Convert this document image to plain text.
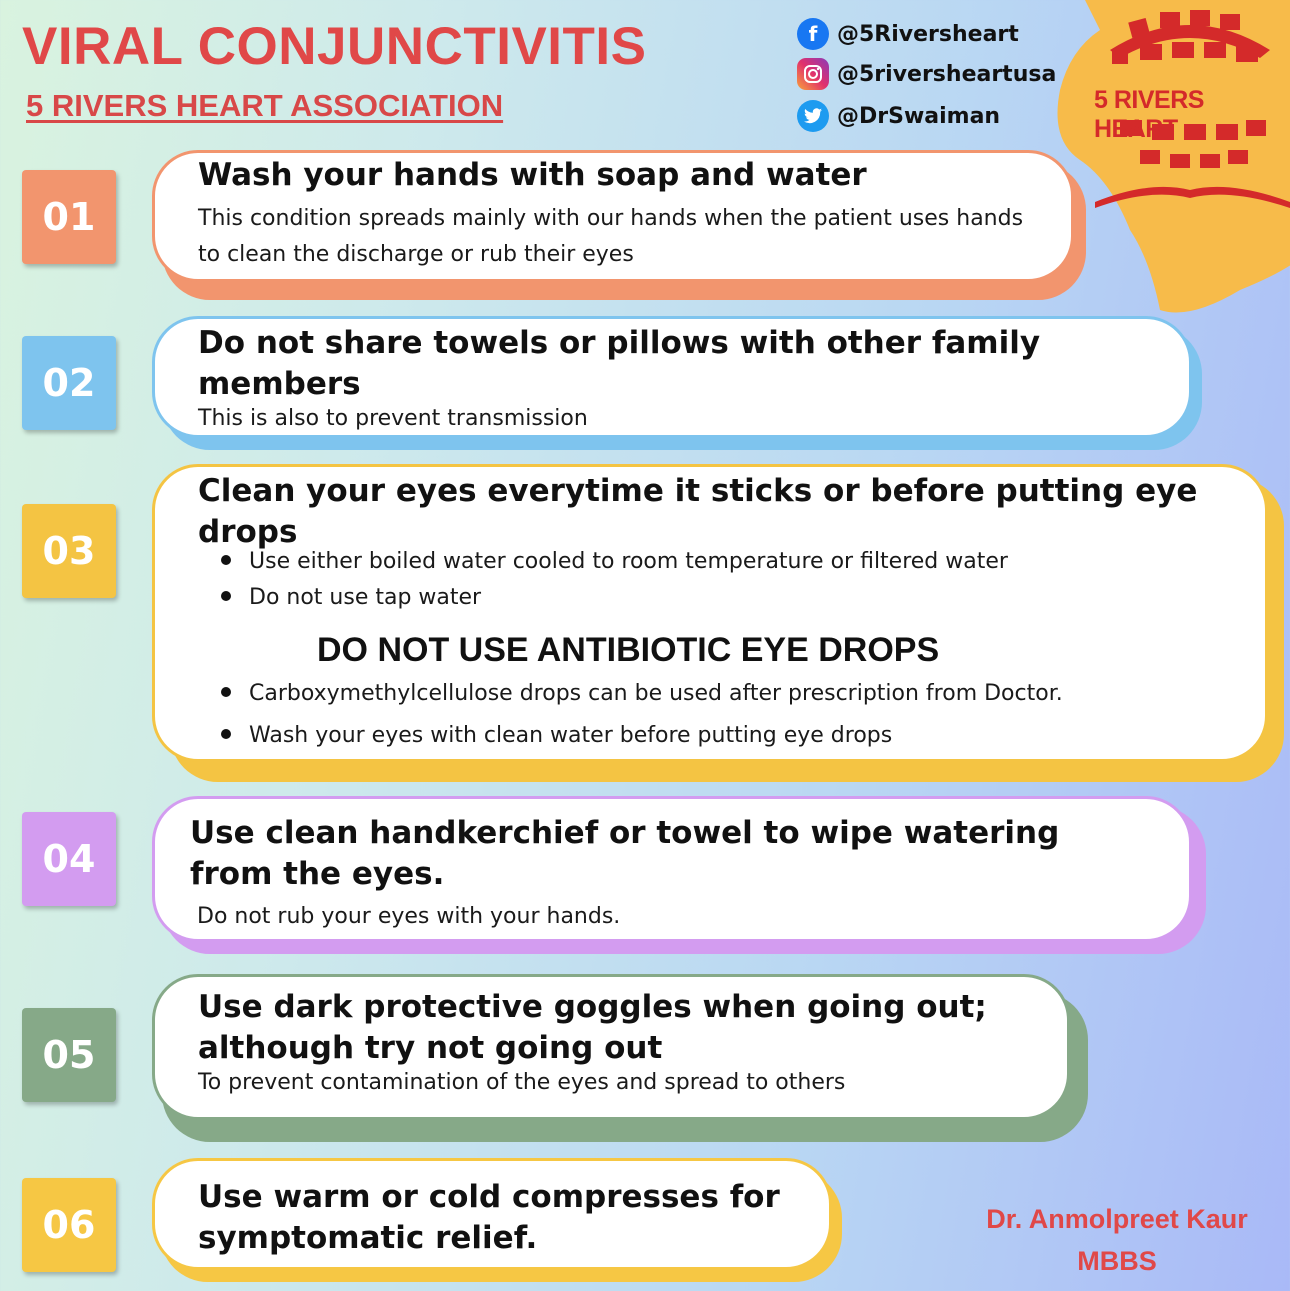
VIRAL CONJUNCTIVITIS
5 RIVERS HEART ASSOCIATION
f @5Riversheart
@5riversheartusa
@DrSwaiman
5 RIVERS HEART
01
Wash your hands with soap and water
This condition spreads mainly with our hands when the patient uses hands to clean the discharge or rub their eyes
02
Do not share towels or pillows with other family members
This is also to prevent transmission
03
Clean your eyes everytime it sticks or before putting eye drops
Use either boiled water cooled to room temperature or filtered water
Do not use tap water
DO NOT USE ANTIBIOTIC EYE DROPS
Carboxymethylcellulose drops can be used after prescription from Doctor.
Wash your eyes with clean water before putting eye drops
04
Use clean handkerchief or towel to wipe watering from the eyes.
Do not rub your eyes with your hands.
05
Use dark protective goggles when going out; although try not going out
To prevent contamination of the eyes and spread to others
06
Use warm or cold compresses for symptomatic relief.
Dr. Anmolpreet Kaur
MBBS
